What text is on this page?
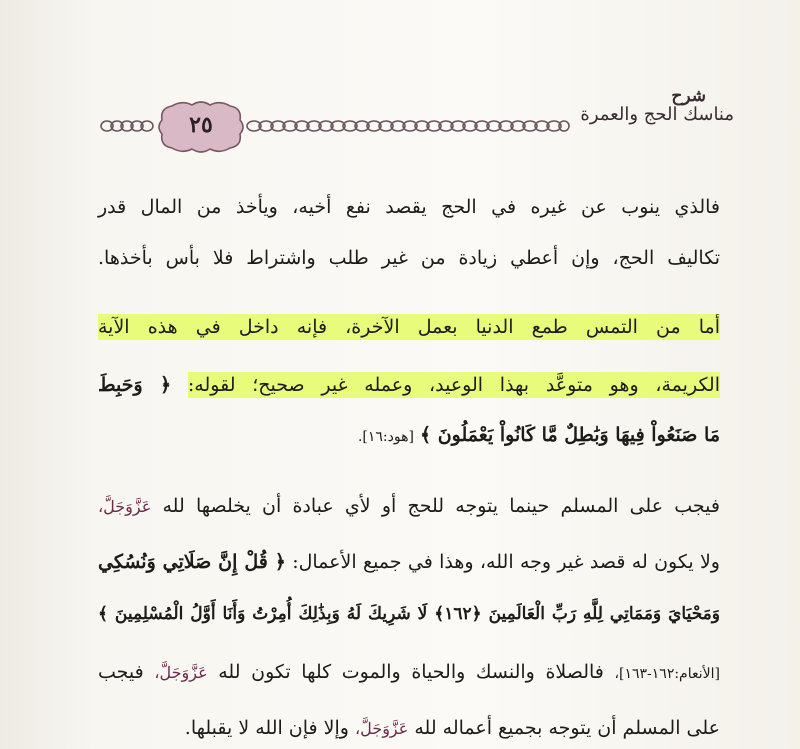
٢٥
شرح
مناسك الحج والعمرة
فالذي ينوب عن غيره في الحج يقصد نفع أخيه، ويأخذ من المال قدر
تكاليف الحج، وإن أعطي زيادة من غير طلب واشتراط فلا بأس بأخذها.
أما من التمس طمع الدنيا بعمل الآخرة، فإنه داخل في هذه الآية
الكريمة، وهو متوعَّد بهذا الوعيد، وعمله غير صحيح؛ لقوله: ﴿ وَحَبِطَ
مَا صَنَعُواْ فِيهَا وَبَٰطِلٌ مَّا كَانُواْ يَعْمَلُونَ ﴾ [هود:١٦].
فيجب على المسلم حينما يتوجه للحج أو لأي عبادة أن يخلصها لله عَزَّوَجَلَّ،
ولا يكون له قصد غير وجه الله، وهذا في جميع الأعمال: ﴿ قُلْ إِنَّ صَلَاتِي وَنُسُكِي
وَمَحْيَايَ وَمَمَاتِي لِلَّهِ رَبِّ الْعَالَمِينَ ﴿١٦٢﴾ لَا شَرِيكَ لَهُ وَبِذَٰلِكَ أُمِرْتُ وَأَنَا أَوَّلُ الْمُسْلِمِينَ ﴾
[الأنعام:١٦٢-١٦٣]، فالصلاة والنسك والحياة والموت كلها تكون لله عَزَّوَجَلَّ، فيجب
على المسلم أن يتوجه بجميع أعماله لله عَزَّوَجَلَّ، وإلا فإن الله لا يقبلها.
